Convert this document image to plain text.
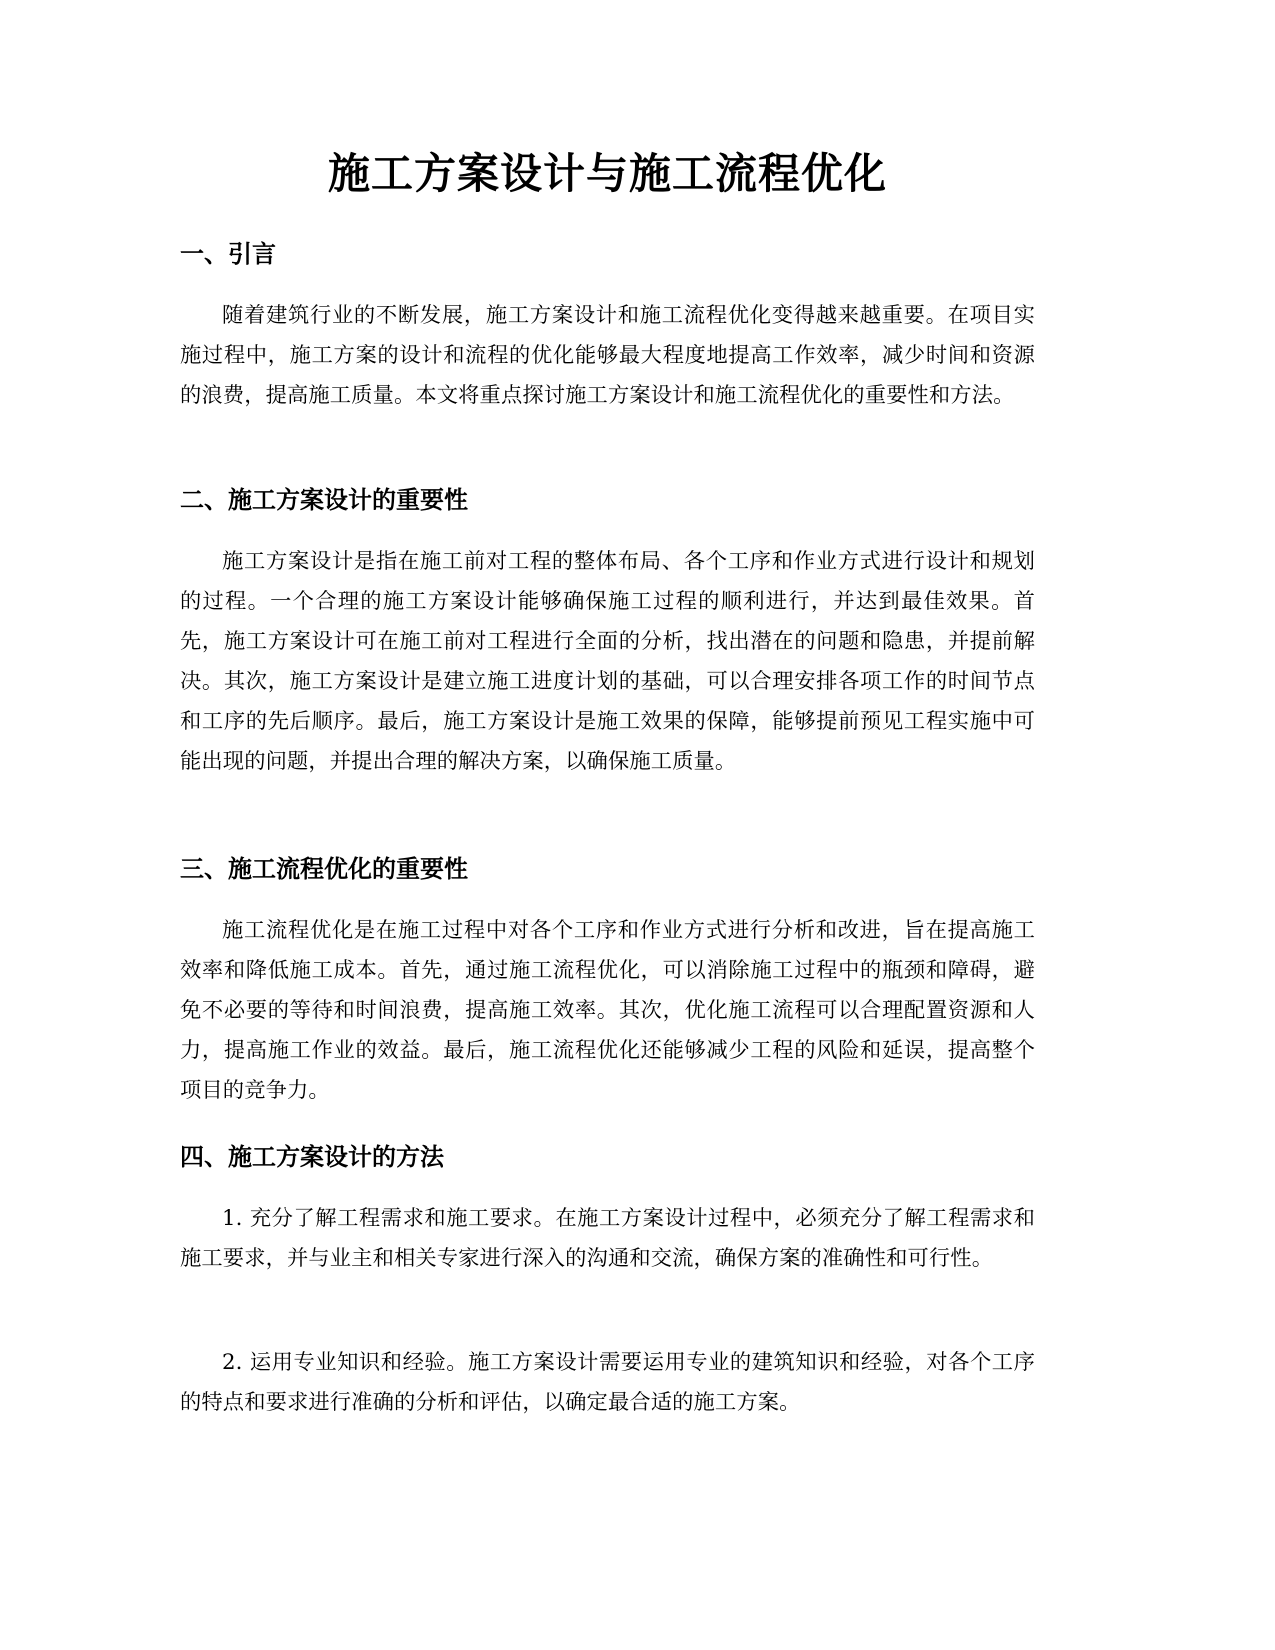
施工方案设计与施工流程优化
一、引言

随着建筑行业的不断发展，施工方案设计和施工流程优化变得越来越重要。在项目实施过程中，施工方案的设计和流程的优化能够最大程度地提高工作效率，减少时间和资源的浪费，提高施工质量。本文将重点探讨施工方案设计和施工流程优化的重要性和方法。

二、施工方案设计的重要性

施工方案设计是指在施工前对工程的整体布局、各个工序和作业方式进行设计和规划的过程。一个合理的施工方案设计能够确保施工过程的顺利进行，并达到最佳效果。首先，施工方案设计可在施工前对工程进行全面的分析，找出潜在的问题和隐患，并提前解决。其次，施工方案设计是建立施工进度计划的基础，可以合理安排各项工作的时间节点和工序的先后顺序。最后，施工方案设计是施工效果的保障，能够提前预见工程实施中可能出现的问题，并提出合理的解决方案，以确保施工质量。

三、施工流程优化的重要性

施工流程优化是在施工过程中对各个工序和作业方式进行分析和改进，旨在提高施工效率和降低施工成本。首先，通过施工流程优化，可以消除施工过程中的瓶颈和障碍，避免不必要的等待和时间浪费，提高施工效率。其次，优化施工流程可以合理配置资源和人力，提高施工作业的效益。最后，施工流程优化还能够减少工程的风险和延误，提高整个项目的竞争力。

四、施工方案设计的方法

1. 充分了解工程需求和施工要求。在施工方案设计过程中，必须充分了解工程需求和施工要求，并与业主和相关专家进行深入的沟通和交流，确保方案的准确性和可行性。

2. 运用专业知识和经验。施工方案设计需要运用专业的建筑知识和经验，对各个工序的特点和要求进行准确的分析和评估，以确定最合适的施工方案。
